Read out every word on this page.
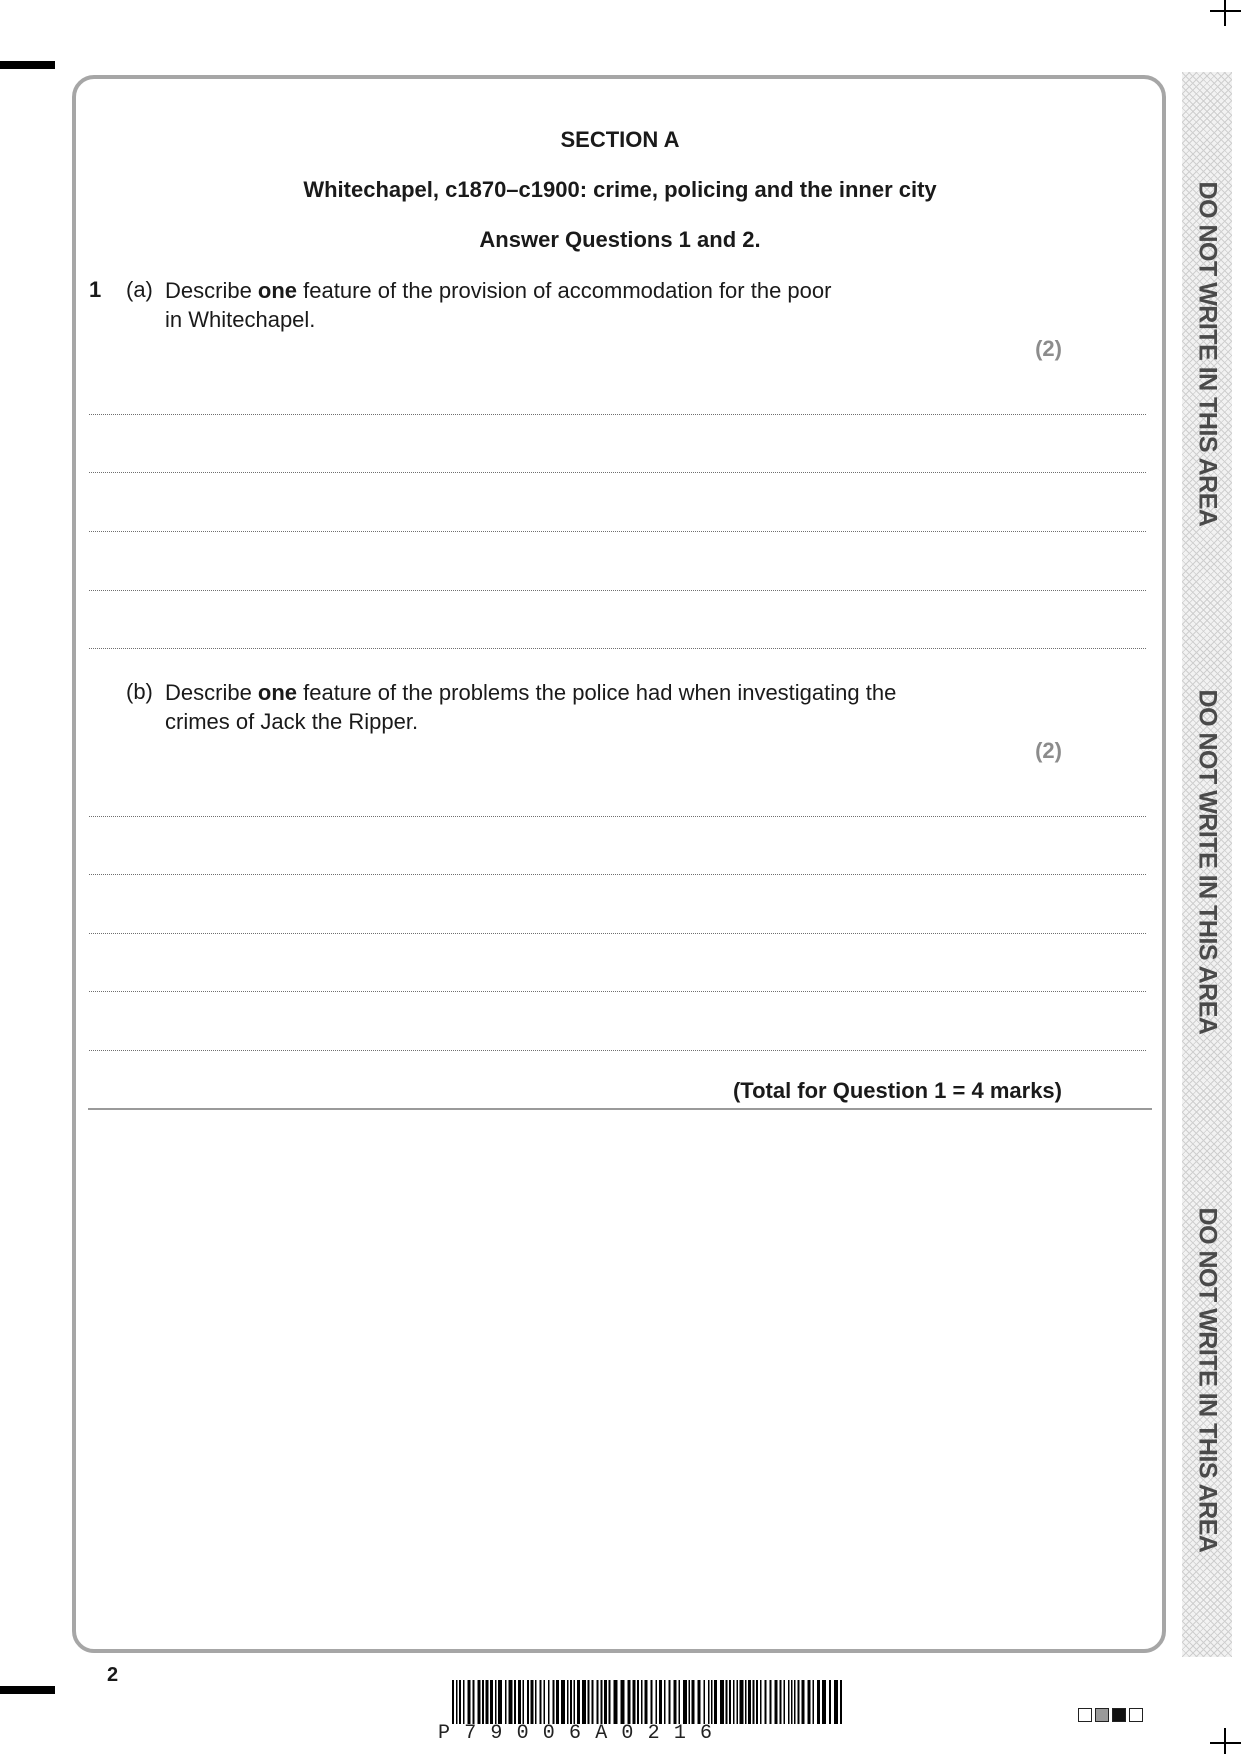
DO NOT WRITE IN THIS AREA
DO NOT WRITE IN THIS AREA
DO NOT WRITE IN THIS AREA
SECTION A
Whitechapel, c1870–c1900: crime, policing and the inner city
Answer Questions 1 and 2.
1 (a) Describe one feature of the provision of accommodation for the poor
in Whitechapel.
(2)
(b) Describe one feature of the problems the police had when investigating the
crimes of Jack the Ripper.
(2)
(Total for Question 1 = 4 marks)
2
P79006A0216
